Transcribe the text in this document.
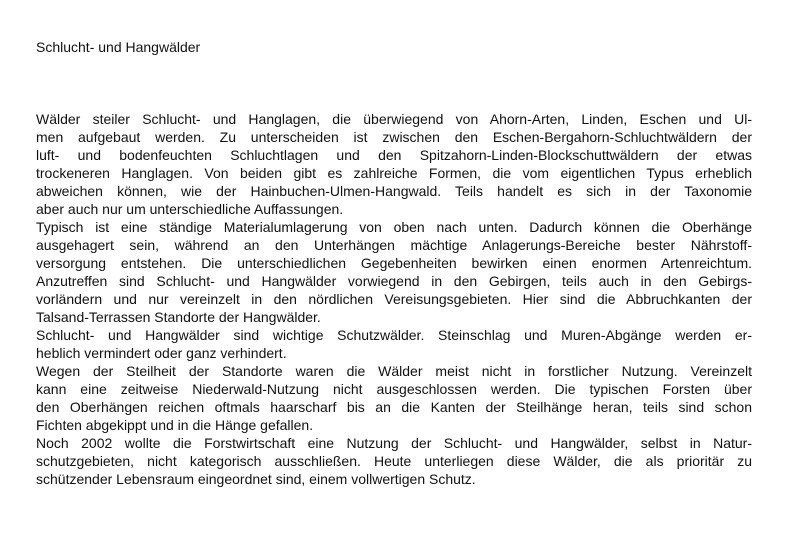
Schlucht- und Hangwälder
Wälder steiler Schlucht- und Hanglagen, die überwiegend von Ahorn-Arten, Linden, Eschen und Ul-
men aufgebaut werden. Zu unterscheiden ist zwischen den Eschen-Bergahorn-Schluchtwäldern der
luft- und bodenfeuchten Schluchtlagen und den Spitzahorn-Linden-Blockschuttwäldern der etwas
trockeneren Hanglagen. Von beiden gibt es zahlreiche Formen, die vom eigentlichen Typus erheblich
abweichen können, wie der Hainbuchen-Ulmen-Hangwald. Teils handelt es sich in der Taxonomie
aber auch nur um unterschiedliche Auffassungen.
Typisch ist eine ständige Materialumlagerung von oben nach unten. Dadurch können die Oberhänge
ausgehagert sein, während an den Unterhängen mächtige Anlagerungs-Bereiche bester Nährstoff-
versorgung entstehen. Die unterschiedlichen Gegebenheiten bewirken einen enormen Artenreichtum.
Anzutreffen sind Schlucht- und Hangwälder vorwiegend in den Gebirgen, teils auch in den Gebirgs-
vorländern und nur vereinzelt in den nördlichen Vereisungsgebieten. Hier sind die Abbruchkanten der
Talsand-Terrassen Standorte der Hangwälder.
Schlucht- und Hangwälder sind wichtige Schutzwälder. Steinschlag und Muren-Abgänge werden er-
heblich vermindert oder ganz verhindert.
Wegen der Steilheit der Standorte waren die Wälder meist nicht in forstlicher Nutzung. Vereinzelt
kann eine zeitweise Niederwald-Nutzung nicht ausgeschlossen werden. Die typischen Forsten über
den Oberhängen reichen oftmals haarscharf bis an die Kanten der Steilhänge heran, teils sind schon
Fichten abgekippt und in die Hänge gefallen.
Noch 2002 wollte die Forstwirtschaft eine Nutzung der Schlucht- und Hangwälder, selbst in Natur-
schutzgebieten, nicht kategorisch ausschließen. Heute unterliegen diese Wälder, die als prioritär zu
schützender Lebensraum eingeordnet sind, einem vollwertigen Schutz.
